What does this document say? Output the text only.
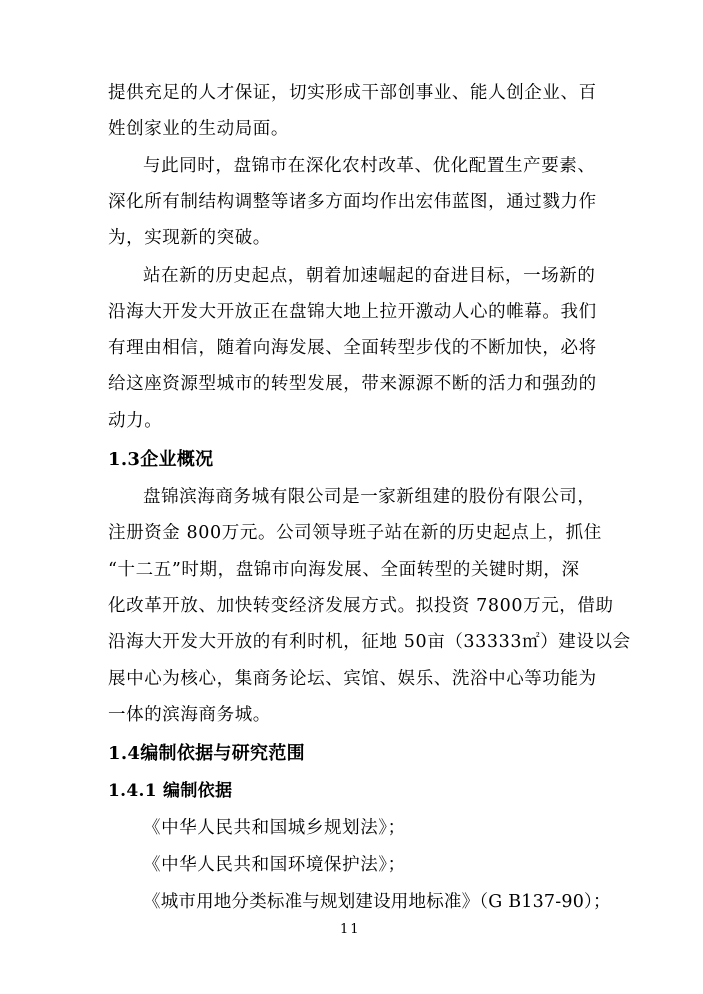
提供充足的人才保证，切实形成干部创事业、能人创企业、百
姓创家业的生动局面。
与此同时，盘锦市在深化农村改革、优化配置生产要素、
深化所有制结构调整等诸多方面均作出宏伟蓝图，通过戮力作
为，实现新的突破。
站在新的历史起点，朝着加速崛起的奋进目标，一场新的
沿海大开发大开放正在盘锦大地上拉开激动人心的帷幕。我们
有理由相信，随着向海发展、全面转型步伐的不断加快，必将
给这座资源型城市的转型发展，带来源源不断的活力和强劲的
动力。
1.3企业概况
盘锦滨海商务城有限公司是一家新组建的股份有限公司，
注册资金 800万元。公司领导班子站在新的历史起点上，抓住
“十二五”时期，盘锦市向海发展、全面转型的关键时期，深
化改革开放、加快转变经济发展方式。拟投资 7800万元，借助
沿海大开发大开放的有利时机，征地 50亩（33333㎡）建设以会
展中心为核心，集商务论坛、宾馆、娱乐、洗浴中心等功能为
一体的滨海商务城。
1.4编制依据与研究范围
1.4.1 编制依据
《中华人民共和国城乡规划法》；
《中华人民共和国环境保护法》；
《城市用地分类标准与规划建设用地标准》（G B137-90）；
11
